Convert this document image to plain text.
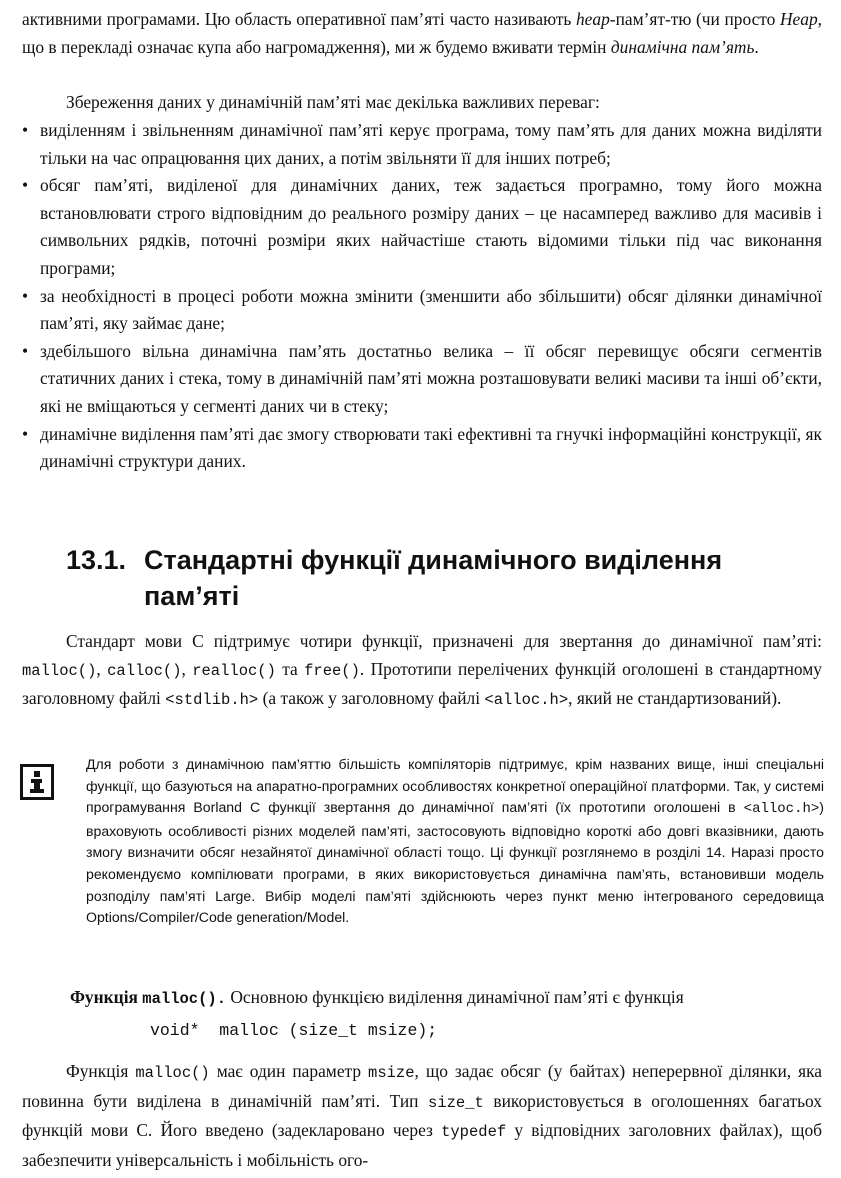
активними програмами. Цю область оперативної пам’яті часто називають heap-пам’ят-тю (чи просто Heap, що в перекладі означає купа або нагромадження), ми ж будемо вживати термін динамічна пам’ять.

Збереження даних у динамічній пам’яті має декілька важливих переваг:

• виділенням і звільненням динамічної пам’яті керує програма, тому пам’ять для даних можна виділяти тільки на час опрацювання цих даних, а потім звільняти її для інших потреб;
• обсяг пам’яті, виділеної для динамічних даних, теж задається програмно, тому його можна встановлювати строго відповідним до реального розміру даних – це насамперед важливо для масивів і символьних рядків, поточні розміри яких найчастіше стають відомими тільки під час виконання програми;
• за необхідності в процесі роботи можна змінити (зменшити або збільшити) обсяг ділянки динамічної пам’яті, яку займає дане;
• здебільшого вільна динамічна пам’ять достатньо велика – її обсяг перевищує обсяги сегментів статичних даних і стека, тому в динамічній пам’яті можна розташовувати великі масиви та інші об’єкти, які не вміщаються у сегменті даних чи в стеку;
• динамічне виділення пам’яті дає змогу створювати такі ефективні та гнучкі інформаційні конструкції, як динамічні структури даних.
13.1. Стандартні функції динамічного виділення
пам’яті

Стандарт мови С підтримує чотири функції, призначені для звертання до динамічної пам’яті: malloc(), calloc(), realloc() та free(). Прототипи перелічених функцій оголошені в стандартному заголовному файлі <stdlib.h> (а також у заголовному файлі <alloc.h>, який не стандартизований).

Для роботи з динамічною пам’яттю більшість компіляторів підтримує, крім названих вище, інші спеціальні функції, що базуються на апаратно-програмних особливостях конкретної операційної платформи. Так, у системі програмування Borland C функції звертання до динамічної пам’яті (їх прототипи оголошені в <alloc.h>) враховують особливості різних моделей пам’яті, застосовують відповідно короткі або довгі вказівники, дають змогу визначити обсяг незайнятої динамічної області тощо. Ці функції розглянемо в розділі 14. Наразі просто рекомендуємо компілювати програми, в яких використовується динамічна пам’ять, встановивши модель розподілу пам’яті Large. Вибір моделі пам’яті здійснюють через пункт меню інтегрованого середовища Options/Compiler/Code generation/Model.

Функція malloc(). Основною функцією виділення динамічної пам’яті є функція

void*  malloc (size_t msize);

Функція malloc() має один параметр msize, що задає обсяг (у байтах) неперервної ділянки, яка повинна бути виділена в динамічній пам’яті. Тип size_t використовується в оголошеннях багатьох функцій мови С. Його введено (задекларовано через typedef у відповідних заголовних файлах), щоб забезпечити універсальність і мобільність ого-
